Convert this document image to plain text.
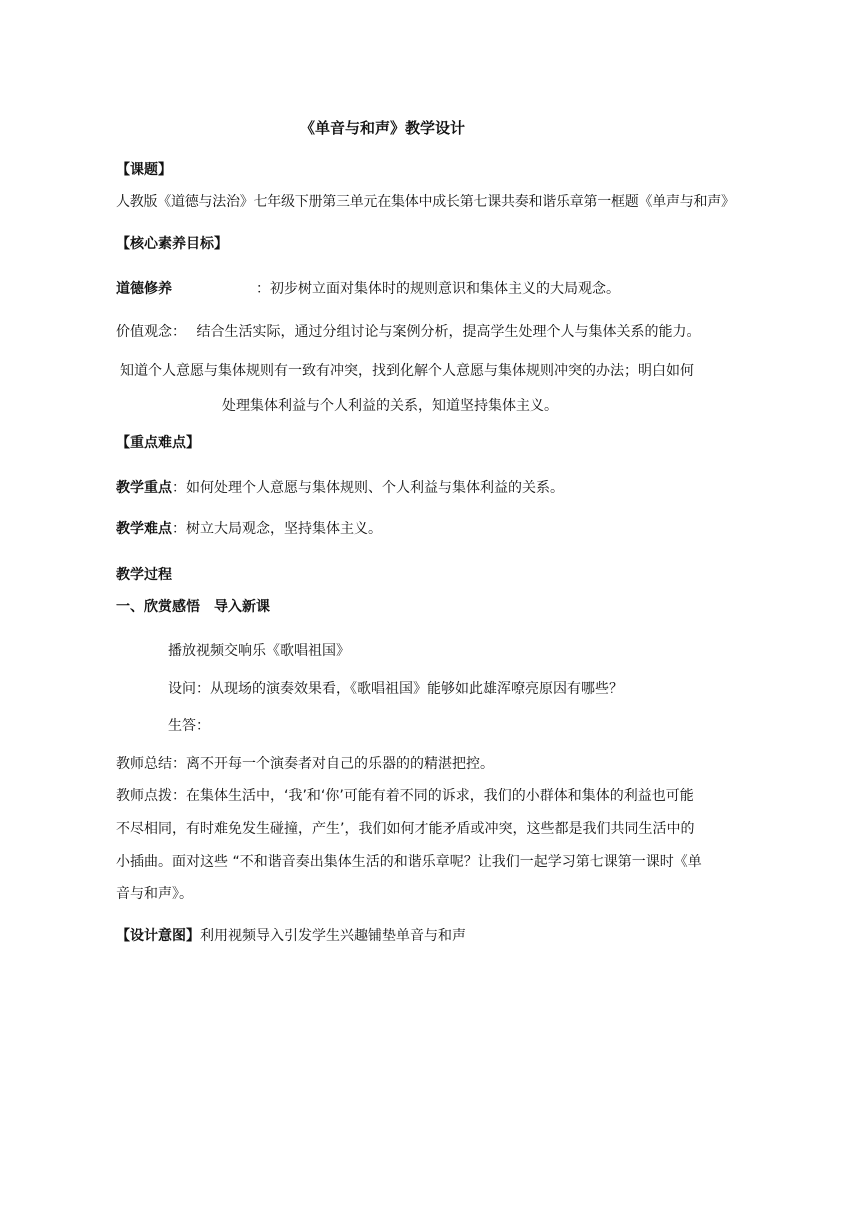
《单音与和声》教学设计
【课题】
人教版《道德与法治》七年级下册第三单元在集体中成长第七课共奏和谐乐章第一框题《单声与和声》
【核心素养目标】
道德修养	：初步树立面对集体时的规则意识和集体主义的大局观念。
价值观念： 结合生活实际，通过分组讨论与案例分析，提高学生处理个人与集体关系的能力。
知道个人意愿与集体规则有一致有冲突，找到化解个人意愿与集体规则冲突的办法；明白如何
处理集体利益与个人利益的关系，知道坚持集体主义。
【重点难点】
教学重点：如何处理个人意愿与集体规则、个人利益与集体利益的关系。
教学难点：树立大局观念，坚持集体主义。
教学过程
一、欣赏感悟　导入新课
播放视频交响乐《歌唱祖国》
设问：从现场的演奏效果看，《歌唱祖国》能够如此雄浑嘹亮原因有哪些？
生答：
教师总结：离不开每一个演奏者对自己的乐器的的精湛把控。
教师点拨：在集体生活中，‘我’和‘你’可能有着不同的诉求，我们的小群体和集体的利益也可能
不尽相同，有时难免发生碰撞，产生’，我们如何才能矛盾或冲突，这些都是我们共同生活中的
小插曲。面对这些 “不和谐音奏出集体生活的和谐乐章呢？让我们一起学习第七课第一课时《单
音与和声》。
【设计意图】利用视频导入引发学生兴趣铺垫单音与和声
